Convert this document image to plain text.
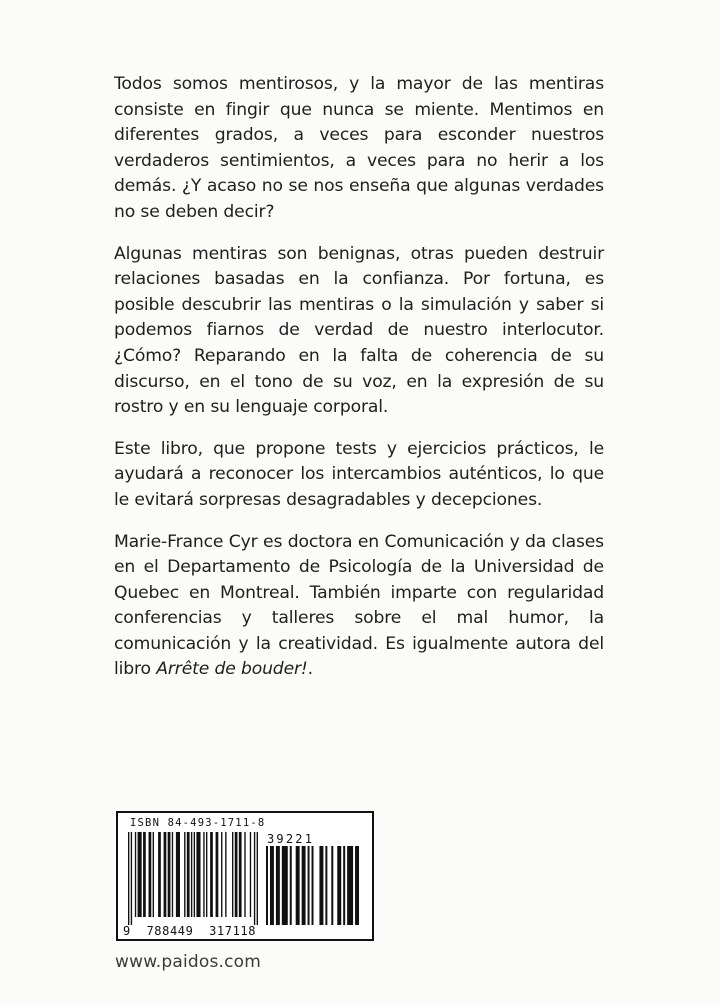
Todos somos mentirosos, y la mayor de las mentiras consiste en fingir que nunca se miente. Mentimos en diferentes grados, a veces para esconder nuestros verdaderos sentimientos, a veces para no herir a los demás. ¿Y acaso no se nos enseña que algunas verdades no se deben decir?

Algunas mentiras son benignas, otras pueden destruir relaciones basadas en la confianza. Por fortuna, es posible descubrir las mentiras o la simulación y saber si podemos fiarnos de verdad de nuestro interlocutor. ¿Cómo? Reparando en la falta de coherencia de su discurso, en el tono de su voz, en la expresión de su rostro y en su lenguaje corporal.

Este libro, que propone tests y ejercicios prácticos, le ayudará a reconocer los intercambios auténticos, lo que le evitará sorpresas desagradables y decepciones.

Marie-France Cyr es doctora en Comunicación y da clases en el Departamento de Psicología de la Universidad de Quebec en Montreal. También imparte con regularidad conferencias y talleres sobre el mal humor, la comunicación y la creatividad. Es igualmente autora del libro Arrête de bouder!.

ISBN 84-493-1711-8
39221
9 788449 317118
www.paidos.com
